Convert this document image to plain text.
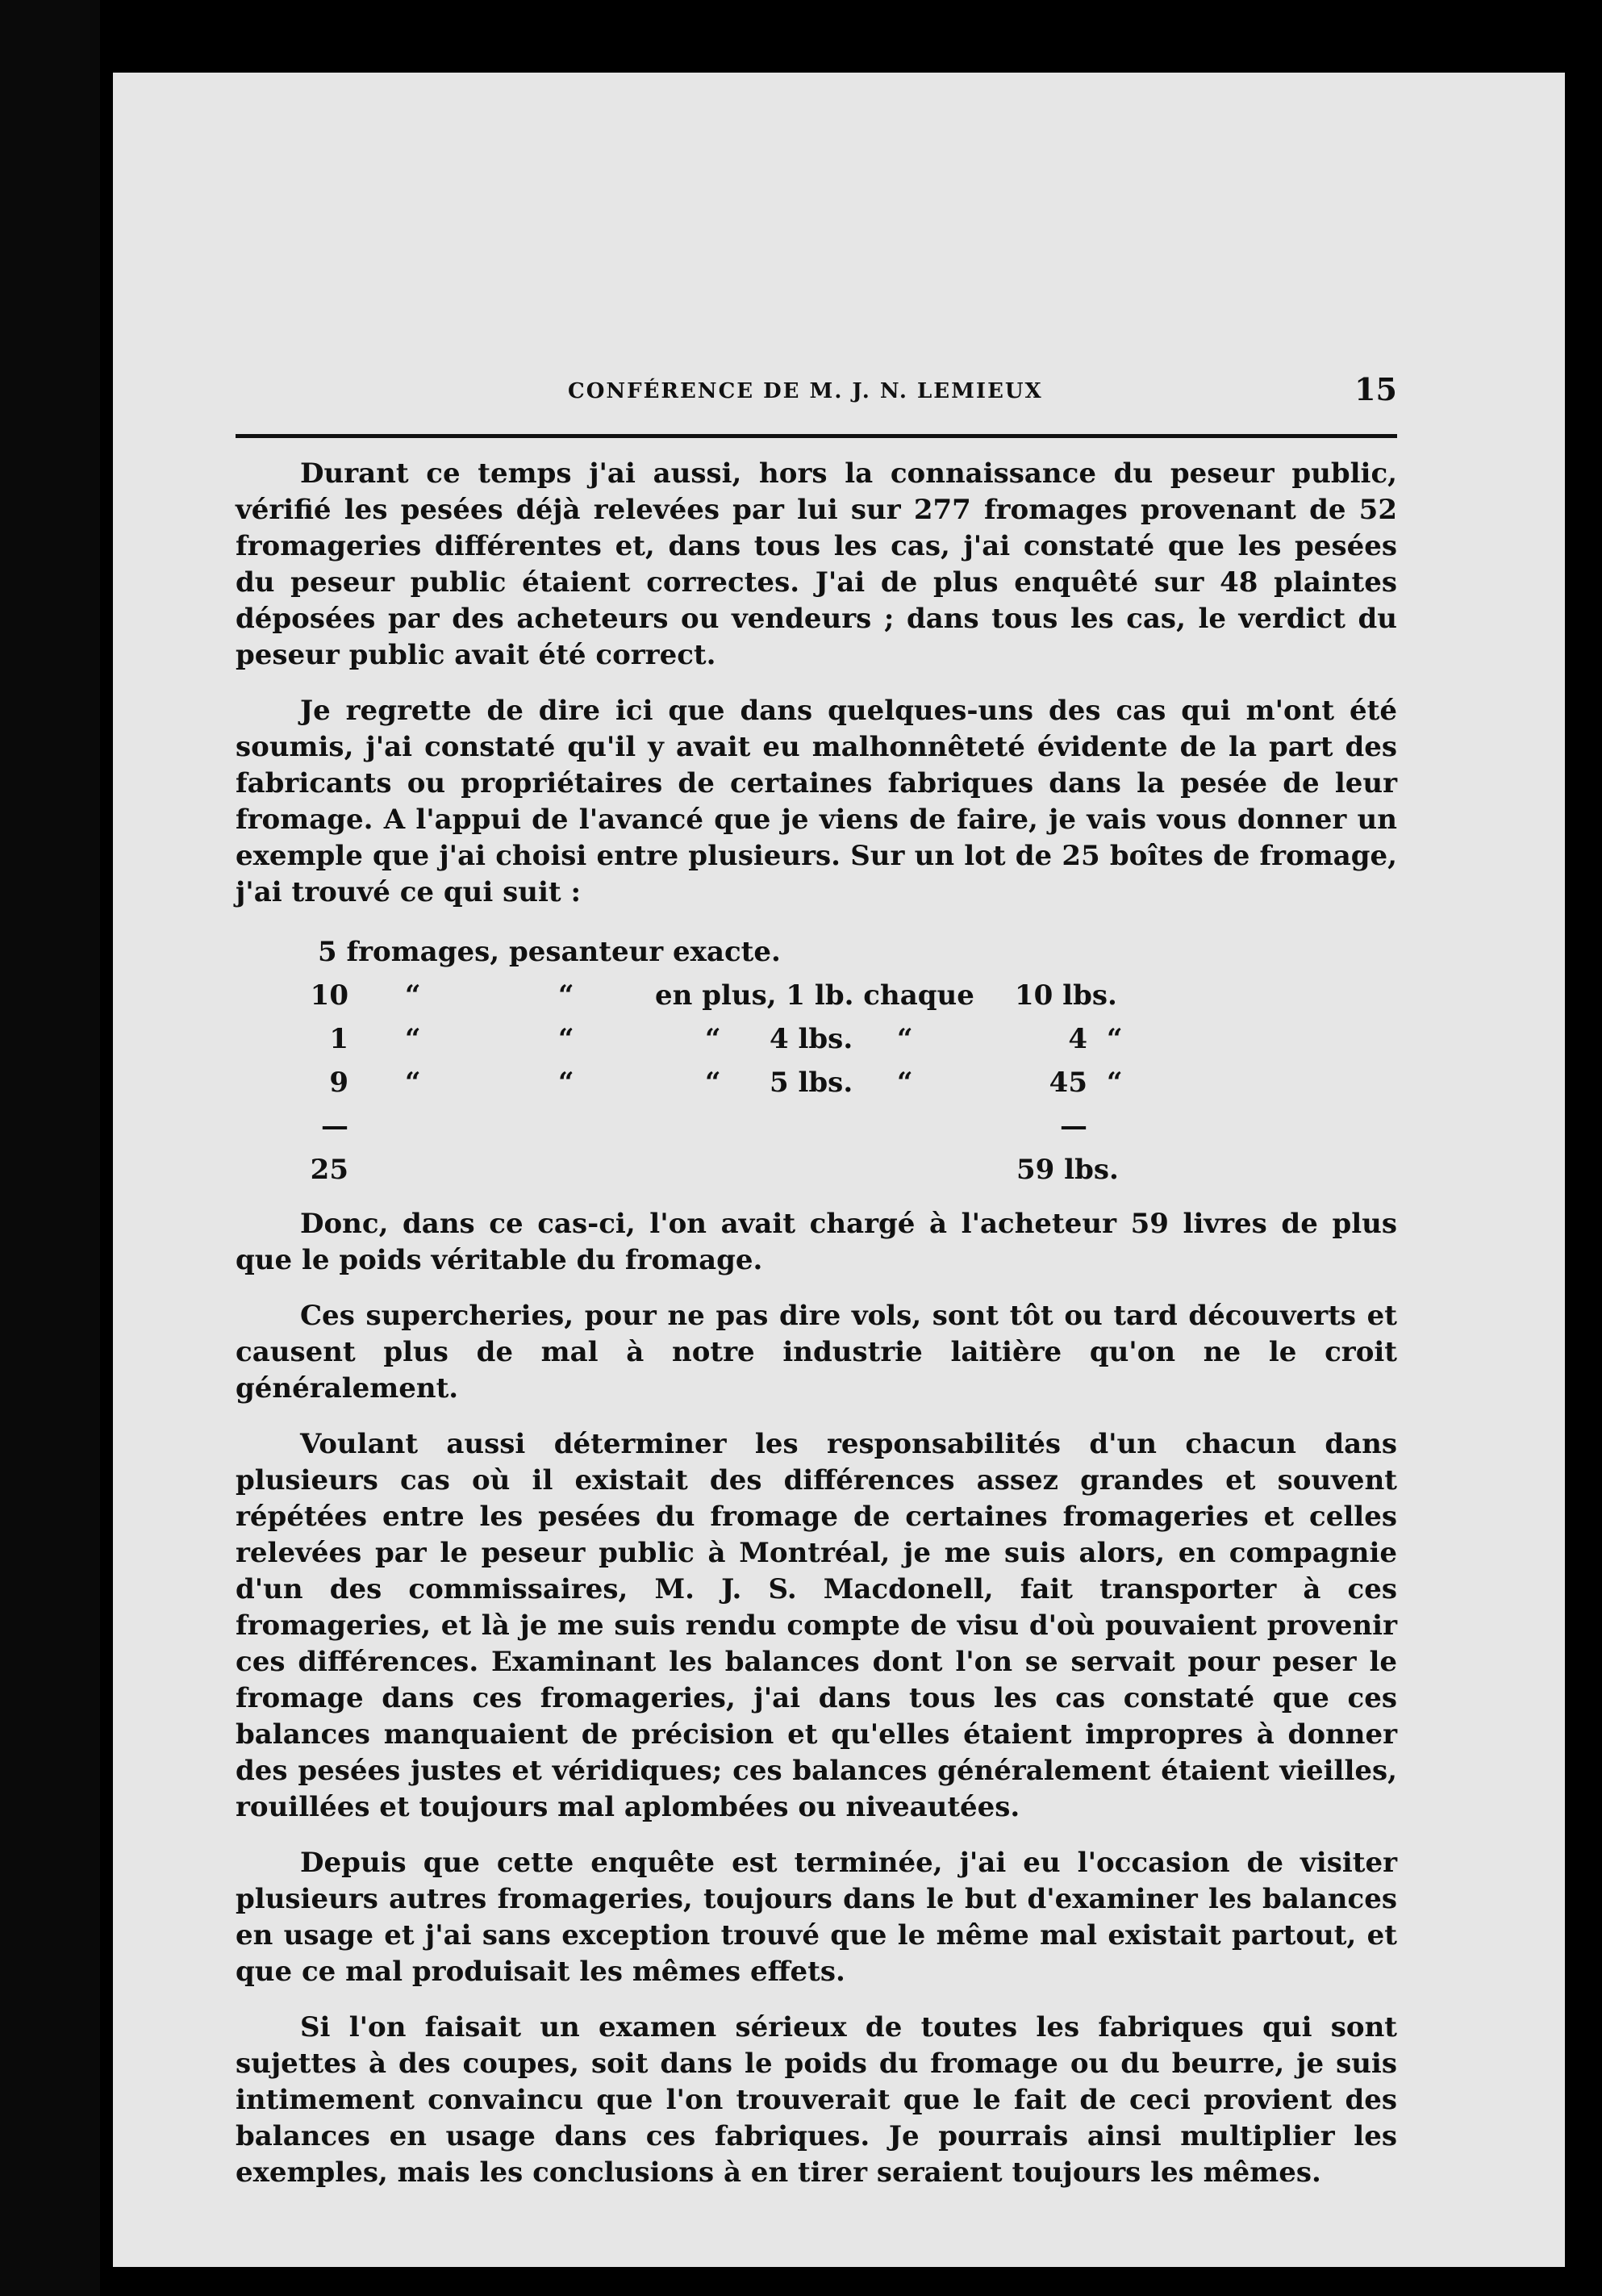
CONFÉRENCE DE M. J. N. LEMIEUX	15

Durant ce temps j'ai aussi, hors la connaissance du peseur public, vérifié les pesées déjà relevées par lui sur 277 fromages provenant de 52 fromageries différentes et, dans tous les cas, j'ai constaté que les pesées du peseur public étaient correctes. J'ai de plus enquêté sur 48 plaintes déposées par des acheteurs ou vendeurs ; dans tous les cas, le verdict du peseur public avait été correct.

Je regrette de dire ici que dans quelques-uns des cas qui m'ont été soumis, j'ai constaté qu'il y avait eu malhonnêteté évidente de la part des fabricants ou propriétaires de certaines fabriques dans la pesée de leur fromage. A l'appui de l'avancé que je viens de faire, je vais vous donner un exemple que j'ai choisi entre plusieurs. Sur un lot de 25 boîtes de fromage, j'ai trouvé ce qui suit :

5 fromages, pesanteur exacte.
10 “	“	en plus, 1 lb. chaque 10 lbs.
1 “	“	“ 4 lbs. “	4 “
9 “	“	“ 5 lbs. “	45 “
—	—
25	59 lbs.

Donc, dans ce cas-ci, l'on avait chargé à l'acheteur 59 livres de plus que le poids véritable du fromage.

Ces supercheries, pour ne pas dire vols, sont tôt ou tard découverts et causent plus de mal à notre industrie laitière qu'on ne le croit généralement.

Voulant aussi déterminer les responsabilités d'un chacun dans plusieurs cas où il existait des différences assez grandes et souvent répétées entre les pesées du fromage de certaines fromageries et celles relevées par le peseur public à Montréal, je me suis alors, en compagnie d'un des commissaires, M. J. S. Macdonell, fait transporter à ces fromageries, et là je me suis rendu compte de visu d'où pouvaient provenir ces différences. Examinant les balances dont l'on se servait pour peser le fromage dans ces fromageries, j'ai dans tous les cas constaté que ces balances manquaient de précision et qu'elles étaient impropres à donner des pesées justes et véridiques; ces balances généralement étaient vieilles, rouillées et toujours mal aplombées ou niveautées.

Depuis que cette enquête est terminée, j'ai eu l'occasion de visiter plusieurs autres fromageries, toujours dans le but d'examiner les balances en usage et j'ai sans exception trouvé que le même mal existait partout, et que ce mal produisait les mêmes effets.

Si l'on faisait un examen sérieux de toutes les fabriques qui sont sujettes à des coupes, soit dans le poids du fromage ou du beurre, je suis intimement convaincu que l'on trouverait que le fait de ceci provient des balances en usage dans ces fabriques. Je pourrais ainsi multiplier les exemples, mais les conclusions à en tirer seraient toujours les mêmes.
